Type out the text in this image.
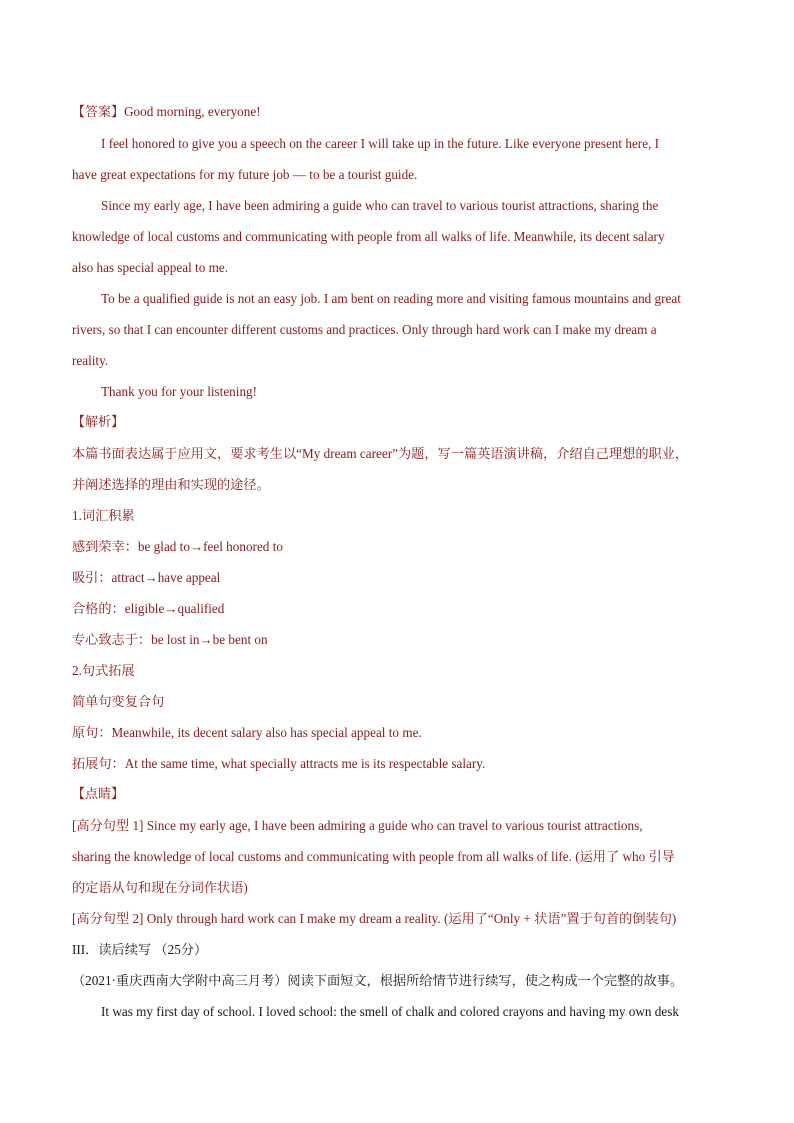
【答案】Good morning, everyone!
I feel honored to give you a speech on the career I will take up in the future. Like everyone present here, I
have great expectations for my future job — to be a tourist guide.
Since my early age, I have been admiring a guide who can travel to various tourist attractions, sharing the
knowledge of local customs and communicating with people from all walks of life. Meanwhile, its decent salary
also has special appeal to me.
To be a qualified guide is not an easy job. I am bent on reading more and visiting famous mountains and great
rivers, so that I can encounter different customs and practices. Only through hard work can I make my dream a
reality.
Thank you for your listening!
【解析】
本篇书面表达属于应用文，要求考生以“My dream career”为题，写一篇英语演讲稿，介绍自己理想的职业，
并阐述选择的理由和实现的途径。
1.词汇积累
感到荣幸：be glad to→feel honored to
吸引：attract→have appeal
合格的：eligible→qualified
专心致志于：be lost in→be bent on
2.句式拓展
简单句变复合句
原句：Meanwhile, its decent salary also has special appeal to me.
拓展句：At the same time, what specially attracts me is its respectable salary.
【点睛】
[高分句型 1] Since my early age, I have been admiring a guide who can travel to various tourist attractions,
sharing the knowledge of local customs and communicating with people from all walks of life. (运用了 who 引导
的定语从句和现在分词作状语)
[高分句型 2] Only through hard work can I make my dream a reality. (运用了“Only + 状语”置于句首的倒装句)
III．读后续写 （25分）
（2021·重庆西南大学附中高三月考）阅读下面短文，根据所给情节进行续写，使之构成一个完整的故事。
It was my first day of school. I loved school: the smell of chalk and colored crayons and having my own desk
